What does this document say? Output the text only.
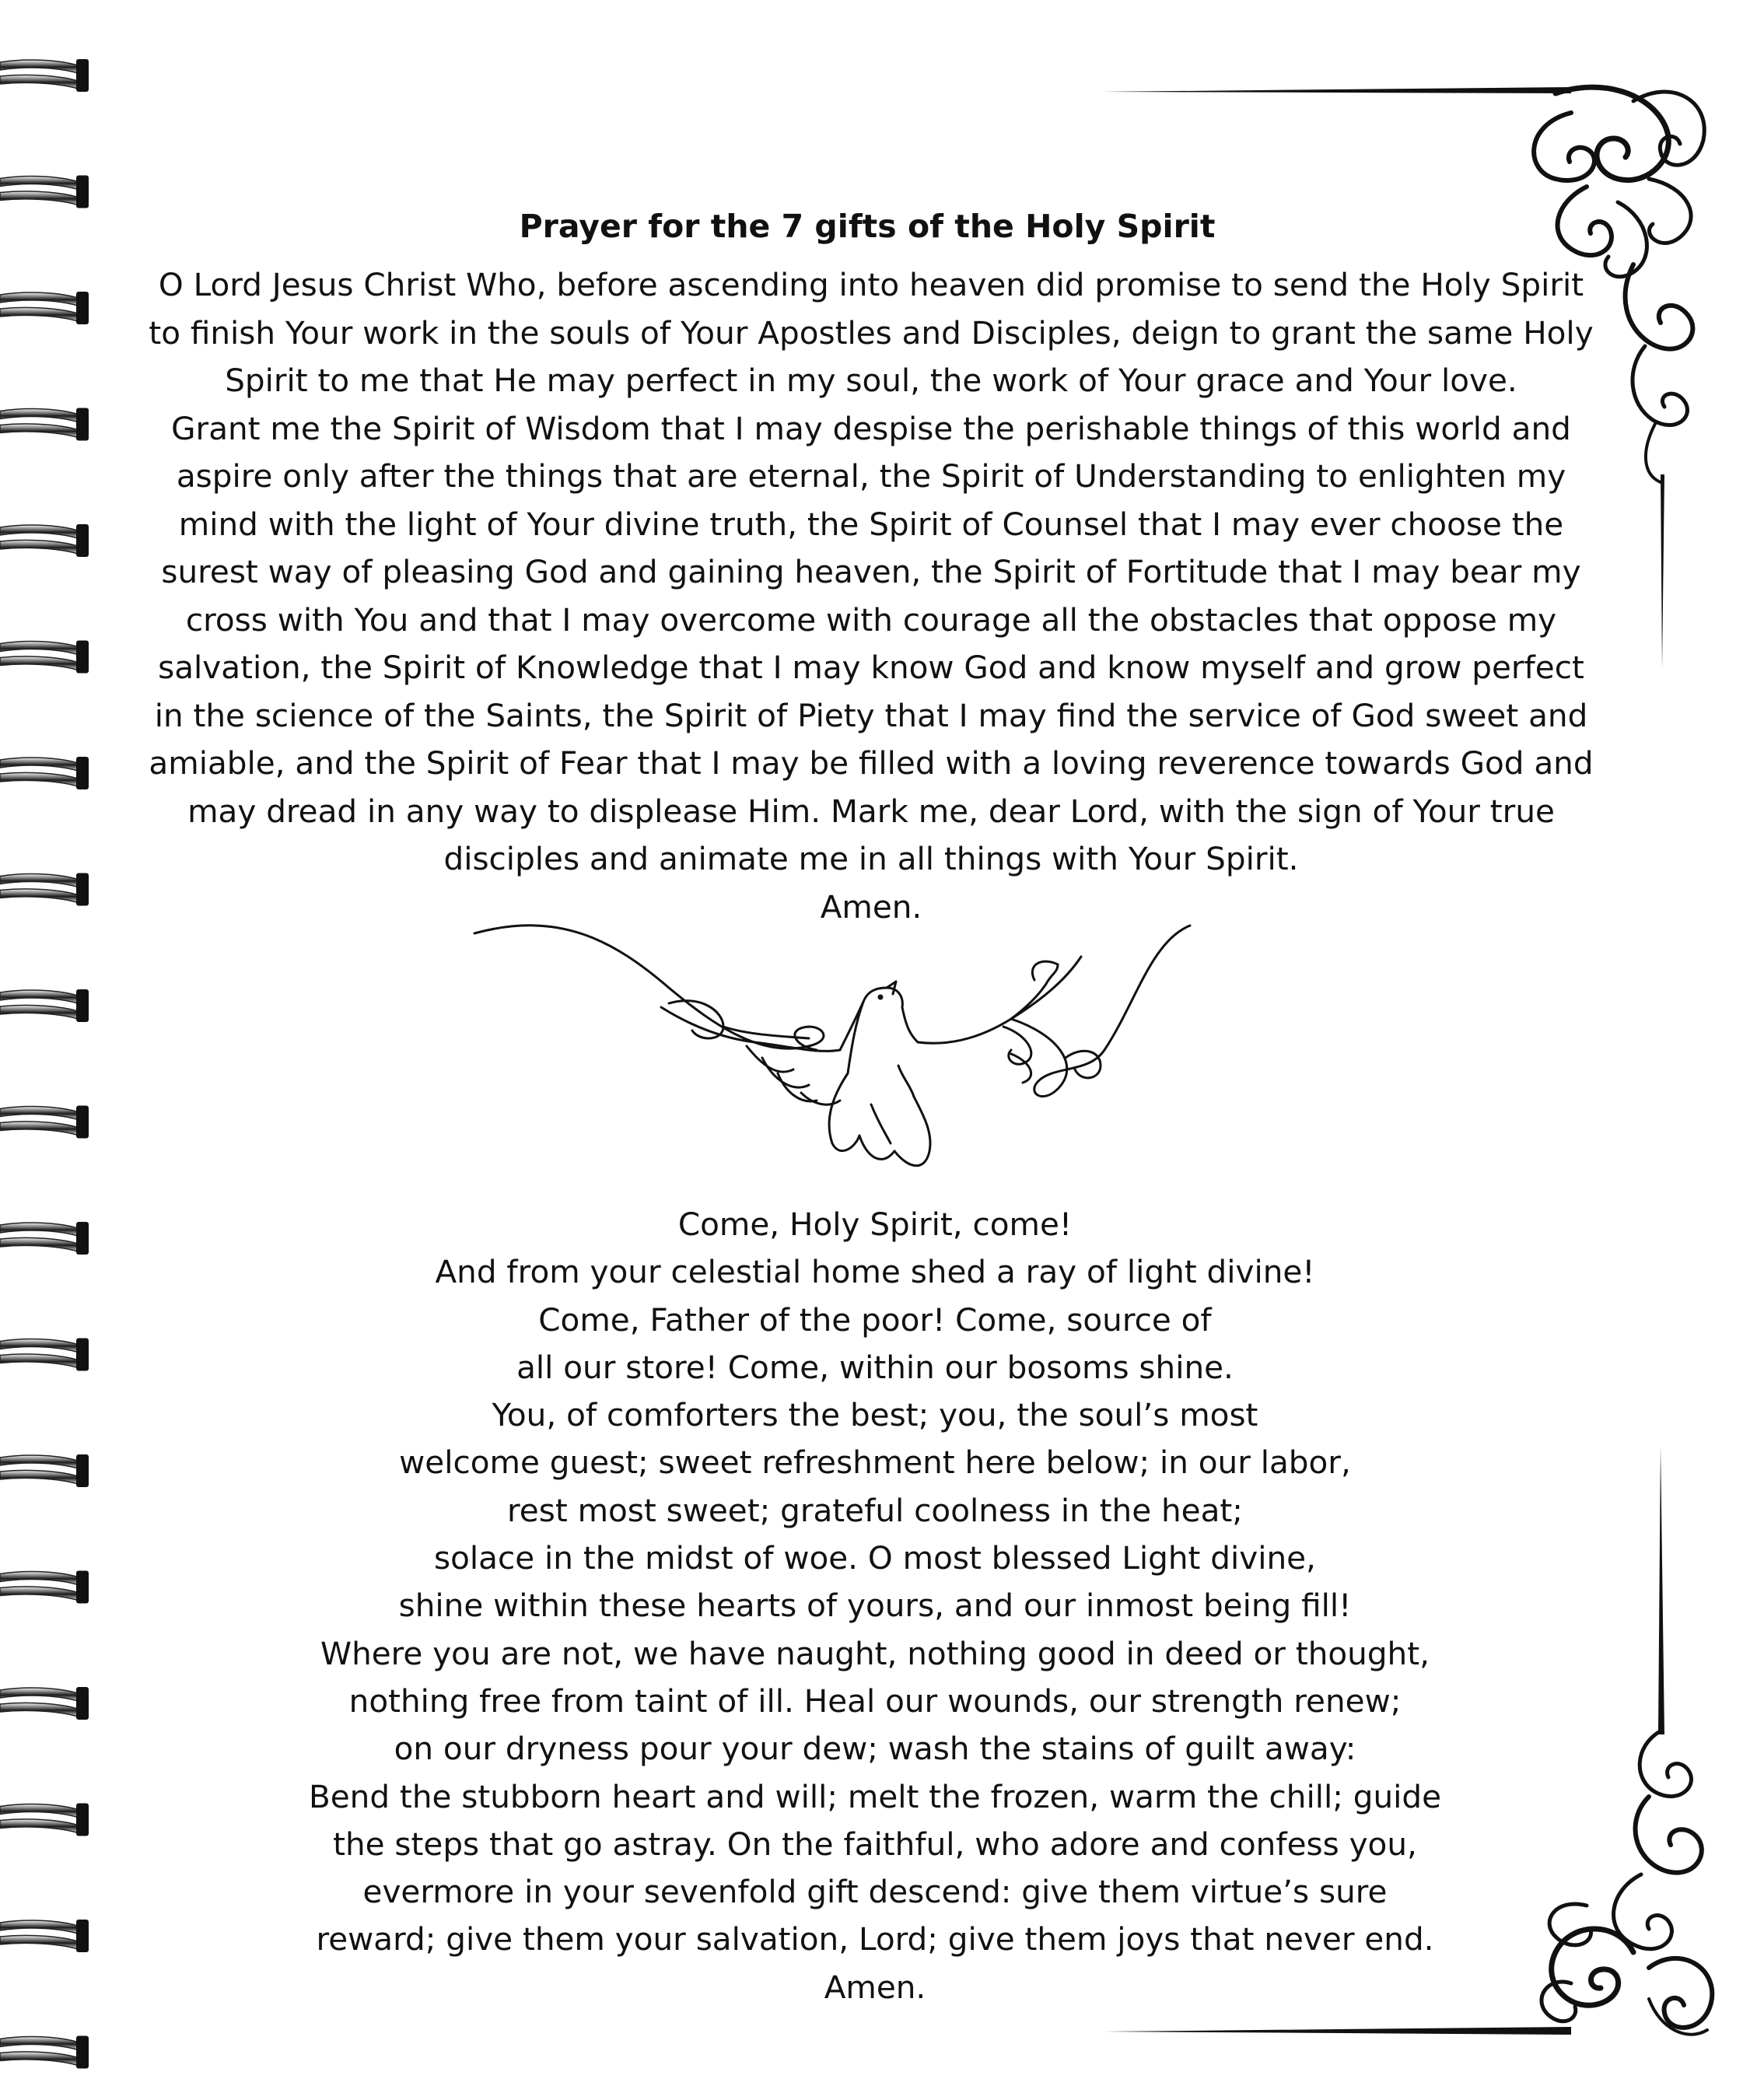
Prayer for the 7 gifts of the Holy Spirit
O Lord Jesus Christ Who, before ascending into heaven did promise to send the Holy Spirit
to finish Your work in the souls of Your Apostles and Disciples, deign to grant the same Holy
Spirit to me that He may perfect in my soul, the work of Your grace and Your love.
Grant me the Spirit of Wisdom that I may despise the perishable things of this world and
aspire only after the things that are eternal, the Spirit of Understanding to enlighten my
mind with the light of Your divine truth, the Spirit of Counsel that I may ever choose the
surest way of pleasing God and gaining heaven, the Spirit of Fortitude that I may bear my
cross with You and that I may overcome with courage all the obstacles that oppose my
salvation, the Spirit of Knowledge that I may know God and know myself and grow perfect
in the science of the Saints, the Spirit of Piety that I may find the service of God sweet and
amiable, and the Spirit of Fear that I may be filled with a loving reverence towards God and
may dread in any way to displease Him. Mark me, dear Lord, with the sign of Your true
disciples and animate me in all things with Your Spirit.
Amen.
Come, Holy Spirit, come!
And from your celestial home shed a ray of light divine!
Come, Father of the poor! Come, source of
all our store! Come, within our bosoms shine.
You, of comforters the best; you, the soul’s most
welcome guest; sweet refreshment here below; in our labor,
rest most sweet; grateful coolness in the heat;
solace in the midst of woe. O most blessed Light divine,
shine within these hearts of yours, and our inmost being fill!
Where you are not, we have naught, nothing good in deed or thought,
nothing free from taint of ill. Heal our wounds, our strength renew;
on our dryness pour your dew; wash the stains of guilt away:
Bend the stubborn heart and will; melt the frozen, warm the chill; guide
the steps that go astray. On the faithful, who adore and confess you,
evermore in your sevenfold gift descend: give them virtue’s sure
reward; give them your salvation, Lord; give them joys that never end.
Amen.
